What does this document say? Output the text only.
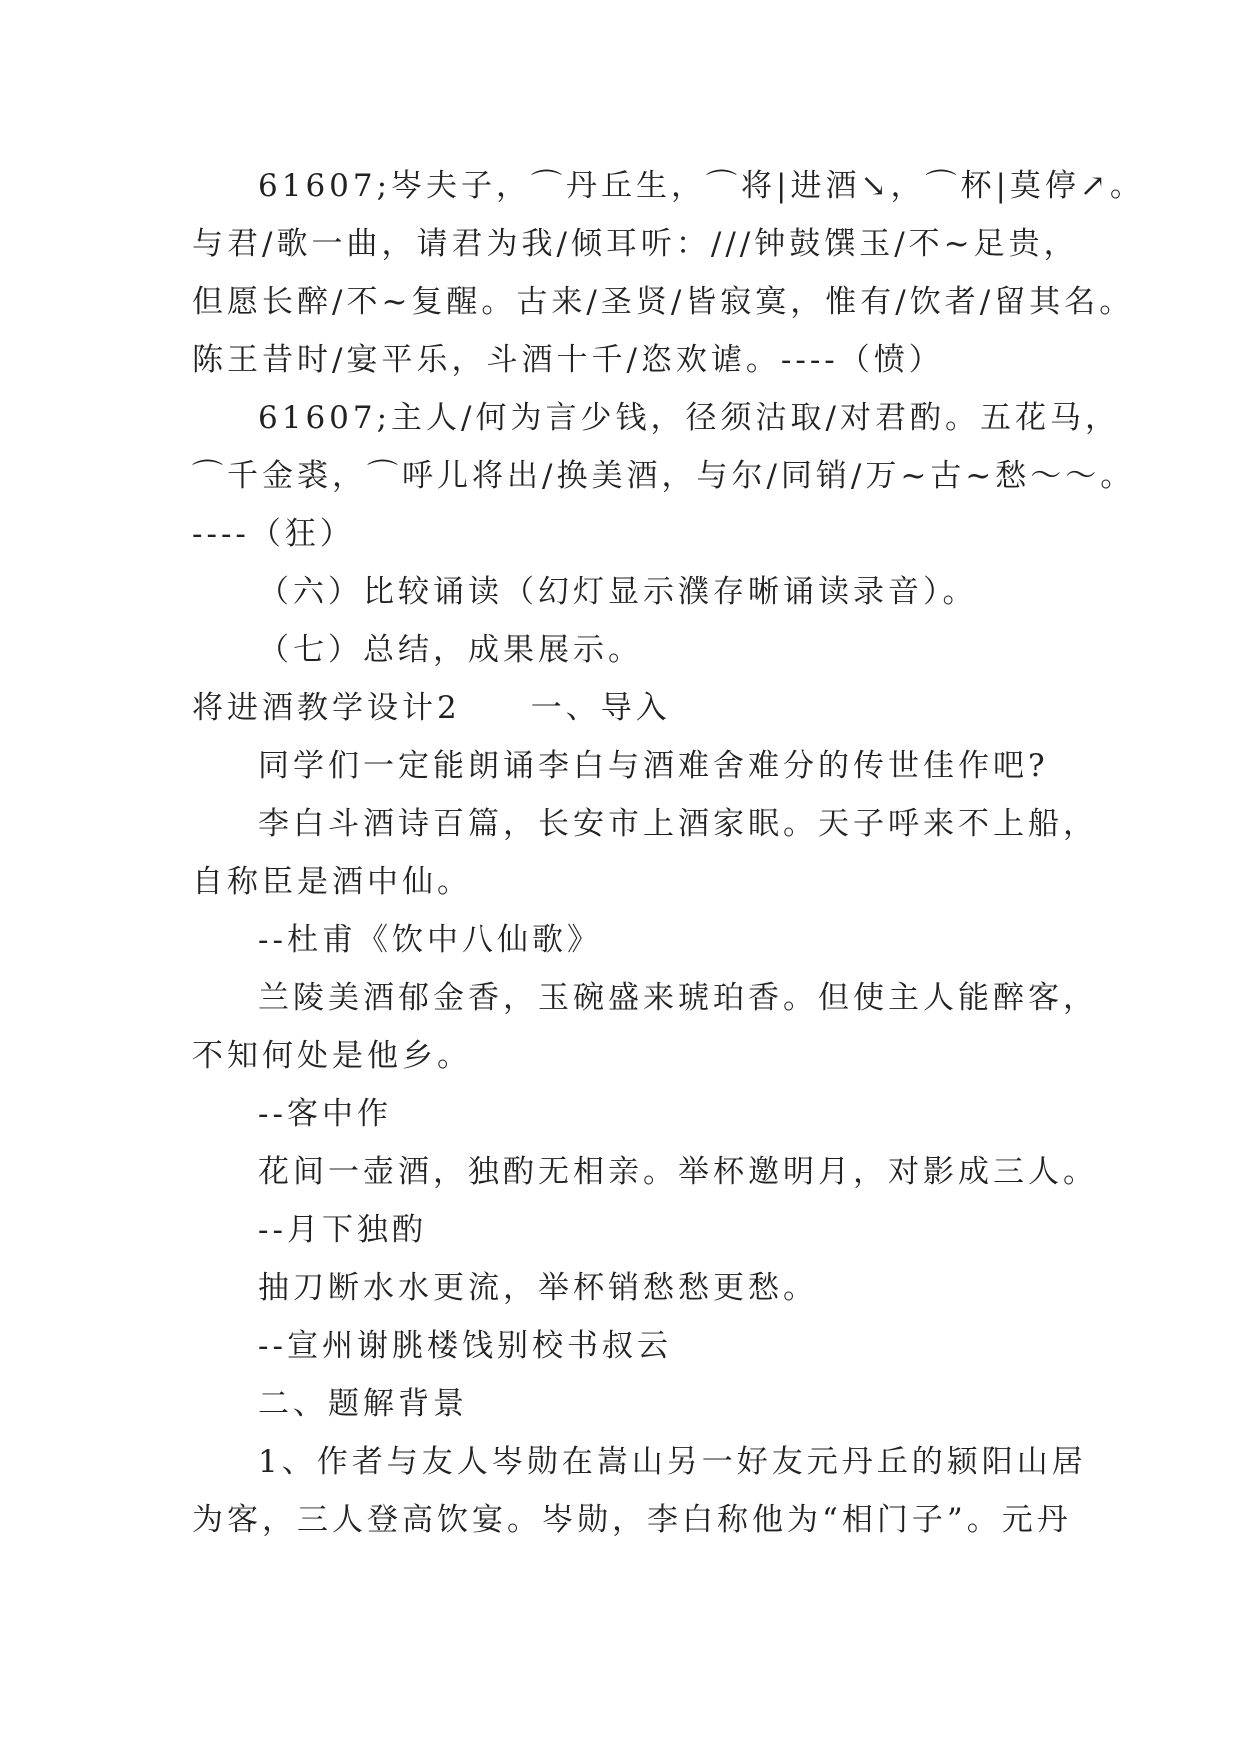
61607;岑夫子，⌒丹丘生，⌒将|进酒↘，⌒杯|莫停↗。
与君/歌一曲，请君为我/倾耳听：///钟鼓馔玉/不~足贵，
但愿长醉/不~复醒。古来/圣贤/皆寂寞，惟有/饮者/留其名。
陈王昔时/宴平乐，斗酒十千/恣欢谑。----（愤）
61607;主人/何为言少钱，径须沽取/对君酌。五花马，
⌒千金裘，⌒呼儿将出/换美酒，与尔/同销/万~古~愁～～。
----（狂）
（六）比较诵读（幻灯显示濮存晰诵读录音）。
（七）总结，成果展示。
将进酒教学设计2　　一、导入
同学们一定能朗诵李白与酒难舍难分的传世佳作吧?
李白斗酒诗百篇，长安市上酒家眠。天子呼来不上船，
自称臣是酒中仙。
--杜甫《饮中八仙歌》
兰陵美酒郁金香，玉碗盛来琥珀香。但使主人能醉客，
不知何处是他乡。
--客中作
花间一壶酒，独酌无相亲。举杯邀明月，对影成三人。
--月下独酌
抽刀断水水更流，举杯销愁愁更愁。
--宣州谢朓楼饯别校书叔云
二、题解背景
1、作者与友人岑勋在嵩山另一好友元丹丘的颍阳山居
为客，三人登高饮宴。岑勋，李白称他为“相门子”。元丹
